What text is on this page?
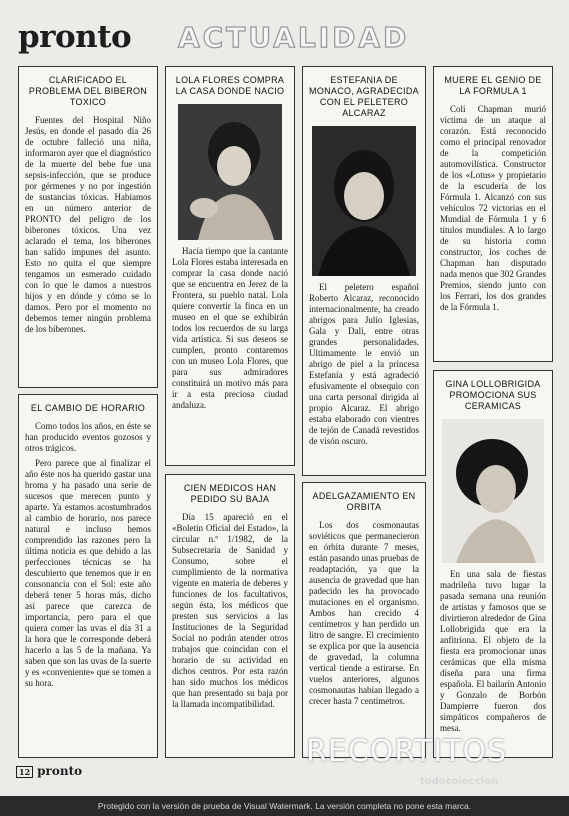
pronto ACTUALIDAD
CLARIFICADO EL PROBLEMA DEL BIBERON TOXICO

Fuentes del Hospital Niño Jesús, en donde el pasado día 26 de octubre falleció una niña, informaron ayer que el diagnóstico de la muerte del bebe fue una sepsis-infección, que se produce por gérmenes y no por ingestión de sustancias tóxicas. Habíamos en un número anterior de PRONTO del peligro de los biberones tóxicos. Una vez aclarado el tema, los biberones han salido impunes del asunto. Esto no quita el que siempre tengamos un esmerado cuidado con lo que le damos a nuestros hijos y en dónde y cómo se lo damos. Pero por el momento no debemos temer ningún problema de los biberones.

EL CAMBIO DE HORARIO

Como todos los años, en éste se han producido eventos gozosos y otros trágicos.

Pero parece que al finalizar el año éste nos ha querido gastar una broma y ha pasado una serie de sucesos que merecen punto y aparte. Ya estamos acostumbrados al cambio de horario, nos parece natural e incluso hemos comprendido las razones pero la última noticia es que debido a las perfecciones técnicas se ha descubierto que tenemos que ir en consonancia con el Sol: este año deberá tener 5 horas más, dicho así parece que carezca de importancia, pero para el que quiera comer las uvas el día 31 a la hora que le corresponde deberá hacerlo a las 5 de la mañana. Ya saben que son las uvas de la suerte y es «conveniente» que se tomen a su hora.

LOLA FLORES COMPRA LA CASA DONDE NACIO

Hacía tiempo que la cantante Lola Flores estaba interesada en comprar la casa donde nació que se encuentra en Jerez de la Frontera, su pueblo natal. Lola quiere convertir la finca en un museo en el que se exhibirán todos los recuerdos de su larga vida artística. Si sus deseos se cumplen, pronto contaremos con un museo Lola Flores, que para sus admiradores constituirá un motivo más para ir a esta preciosa ciudad andaluza.

CIEN MEDICOS HAN PEDIDO SU BAJA

Día 15 apareció en el «Boletín Oficial del Estado», la circular n.º 1/1982, de la Subsecretaría de Sanidad y Consumo, sobre el cumplimiento de la normativa vigente en materia de deberes y funciones de los facultativos, según ésta, los médicos que presten sus servicios a las Instituciones de la Seguridad Social no podrán atender otros trabajos que coincidan con el horario de su actividad en dichos centros. Por esta razón han sido muchos los médicos que han presentado su baja por la llamada incompatibilidad.

ESTEFANIA DE MONACO, AGRADECIDA CON EL PELETERO ALCARAZ

El peletero español Roberto Alcaraz, reconocido internacionalmente, ha creado abrigos para Julio Iglesias, Gala y Dalí, entre otras grandes personalidades. Ultimamente le envió un abrigo de piel a la princesa Estefanía y está agradeció efusivamente el obsequio con una carta personal dirigida al propio Alcaraz. El abrigo estaba elaborado con vientres de tejón de Canadá revestidos de visón oscuro.

ADELGAZAMIENTO EN ORBITA

Los dos cosmonautas soviéticos que permanecieron en órbita durante 7 meses, están pasando unas pruebas de readaptación, ya que la ausencia de gravedad que han padecido les ha provocado mutaciones en el organismo. Ambos han crecido 4 centímetros y han perdido un litro de sangre. El crecimiento se explica por que la ausencia de gravedad, la columna vertical tiende a estirarse. En vuelos anteriores, algunos cosmonautas habían llegado a crecer hasta 7 centímetros.

MUERE EL GENIO DE LA FORMULA 1

Coli Chapman murió víctima de un ataque al corazón. Está reconocido como el principal renovador de la competición automovilística. Constructor de los «Lotus» y propietario de la escudería de los Fórmula 1. Alcanzó con sus vehículos 72 victorias en el Mundial de Fórmula 1 y 6 títulos mundiales. A lo largo de su historia como constructor, los coches de Chapman han disputado nada menos que 302 Grandes Premios, siendo junto con los Ferrari, los dos grandes de la Fórmula 1.

GINA LOLLOBRIGIDA PROMOCIONA SUS CERAMICAS

En una sala de fiestas madrileña tuvo lugar la pasada semana una reunión de artistas y famosos que se divirtieron alrededor de Gina Lollobrigida que era la anfitriona. El objeto de la fiesta era promocionar unas cerámicas que ella misma diseña para una firma española. El bailarín Antonio y Gonzalo de Borbón Dampierre fueron dos simpáticos compañeros de mesa.

12 pronto
RECORTITOS
todocoleccion
Protegido con la versión de prueba de Visual Watermark. La versión completa no pone esta marca.
